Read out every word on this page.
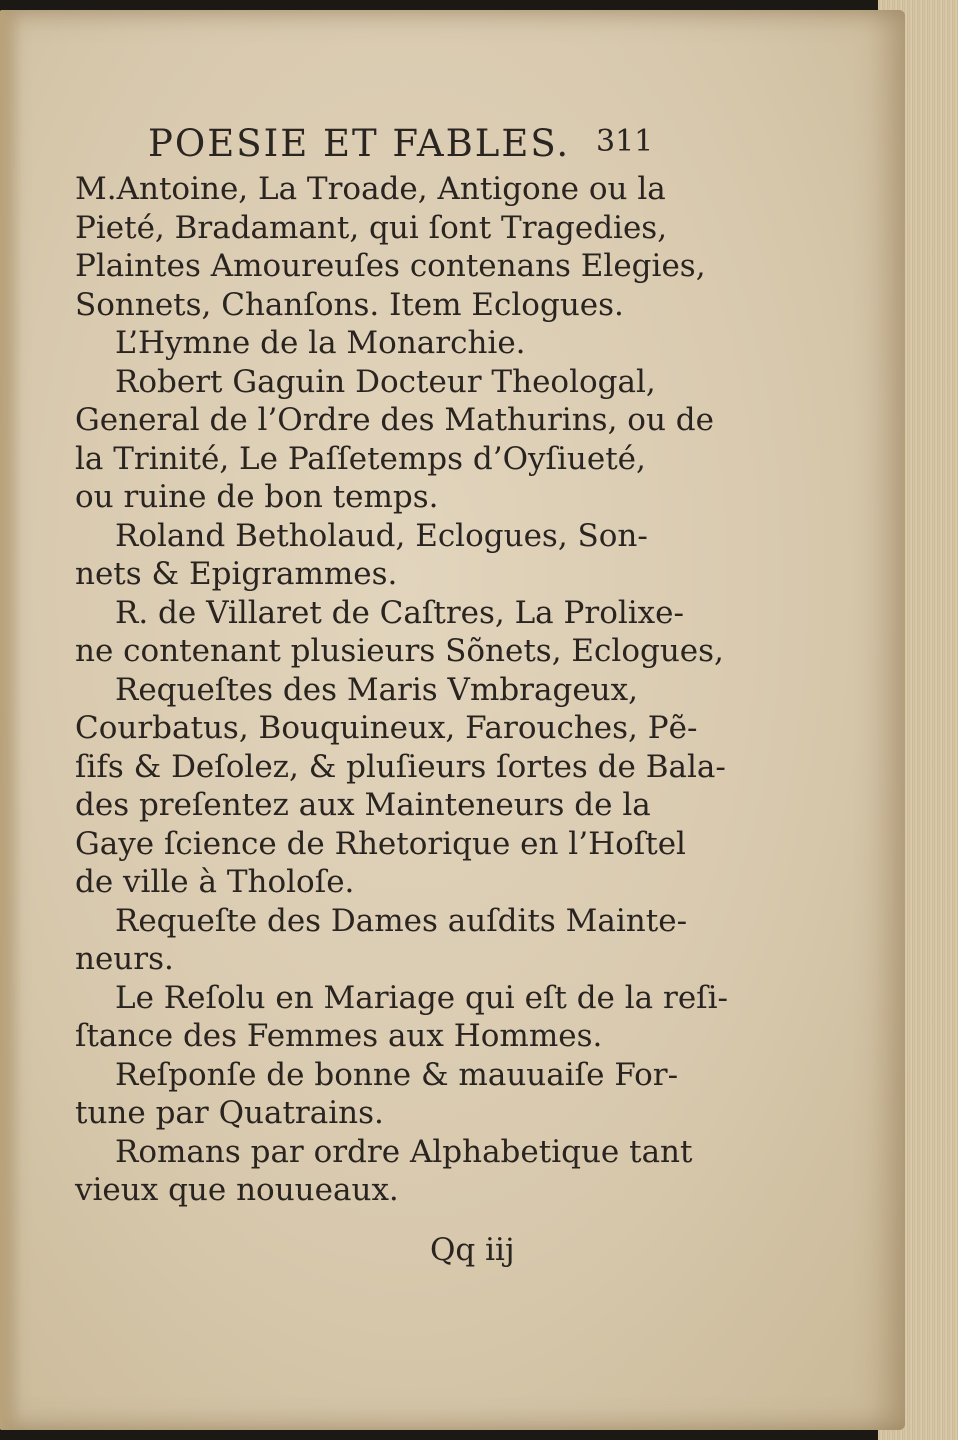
POESIE ET FABLES. 311
M.Antoine, La Troade, Antigone ou la
Pieté, Bradamant, qui ſont Tragedies,
Plaintes Amoureuſes contenans Elegies,
Sonnets, Chanſons. Item Eclogues.
L’Hymne de la Monarchie.
Robert Gaguin Docteur Theologal,
General de l’Ordre des Mathurins, ou de
la Trinité, Le Paſſetemps d’Oyſiueté,
ou ruine de bon temps.
Roland Betholaud, Eclogues, Son-
nets & Epigrammes.
R. de Villaret de Caſtres, La Prolixe-
ne contenant plusieurs Sõnets, Eclogues,
Requeſtes des Maris Vmbrageux,
Courbatus, Bouquineux, Farouches, Pẽ-
ſifs & Deſolez, & pluſieurs ſortes de Bala-
des preſentez aux Mainteneurs de la
Gaye ſcience de Rhetorique en l’Hoſtel
de ville à Tholoſe.
Requeſte des Dames auſdits Mainte-
neurs.
Le Reſolu en Mariage qui eſt de la reſi-
ſtance des Femmes aux Hommes.
Reſponſe de bonne & mauuaiſe For-
tune par Quatrains.
Romans par ordre Alphabetique tant
vieux que nouueaux.
Qq iij
